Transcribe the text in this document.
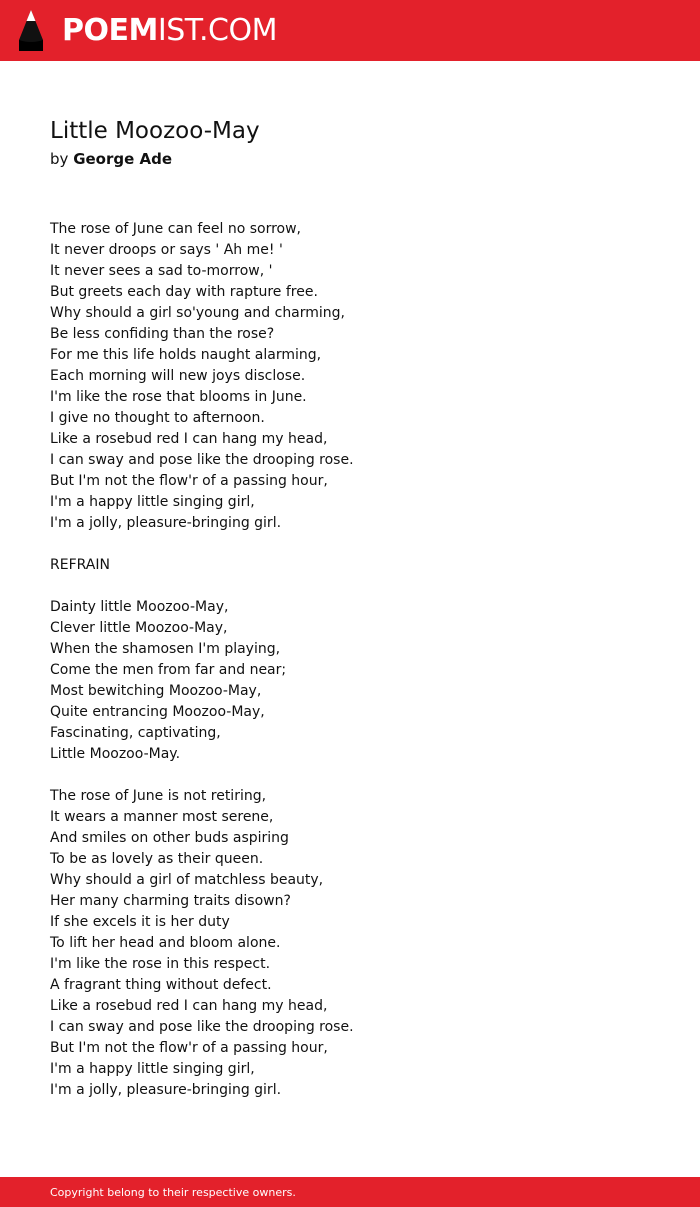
POEMIST.COM
Little Moozoo-May
by George Ade
The rose of June can feel no sorrow,
It never droops or says ' Ah me! '
It never sees a sad to-morrow, '
But greets each day with rapture free.
Why should a girl so'young and charming,
Be less confiding than the rose?
For me this life holds naught alarming,
Each morning will new joys disclose.
I'm like the rose that blooms in June.
I give no thought to afternoon.
Like a rosebud red I can hang my head,
I can sway and pose like the drooping rose.
But I'm not the flow'r of a passing hour,
I'm a happy little singing girl,
I'm a jolly, pleasure-bringing girl.
REFRAIN
Dainty little Moozoo-May,
Clever little Moozoo-May,
When the shamosen I'm playing,
Come the men from far and near;
Most bewitching Moozoo-May,
Quite entrancing Moozoo-May,
Fascinating, captivating,
Little Moozoo-May.
The rose of June is not retiring,
It wears a manner most serene,
And smiles on other buds aspiring
To be as lovely as their queen.
Why should a girl of matchless beauty,
Her many charming traits disown?
If she excels it is her duty
To lift her head and bloom alone.
I'm like the rose in this respect.
A fragrant thing without defect.
Like a rosebud red I can hang my head,
I can sway and pose like the drooping rose.
But I'm not the flow'r of a passing hour,
I'm a happy little singing girl,
I'm a jolly, pleasure-bringing girl.
Copyright belong to their respective owners.
